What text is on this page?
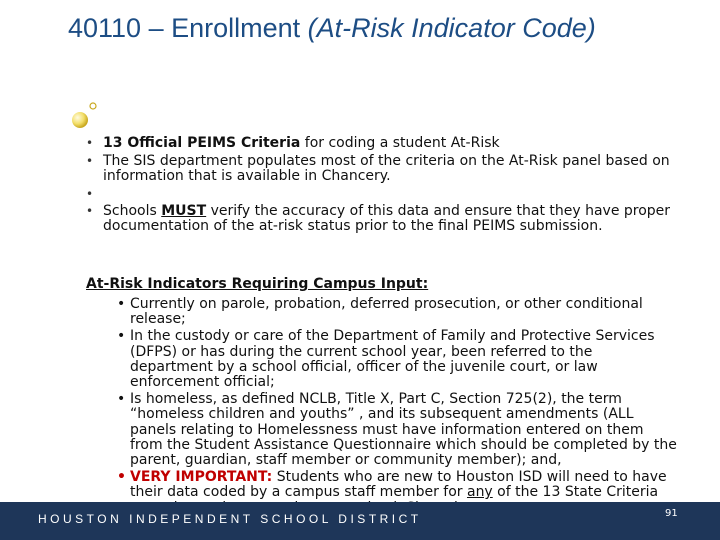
40110 – Enrollment (At-Risk Indicator Code)
• 13 Official PEIMS Criteria for coding a student At-Risk
• The SIS department populates most of the criteria on the At-Risk panel based on information that is available in Chancery.
•
• Schools MUST verify the accuracy of this data and ensure that they have proper documentation of the at-risk status prior to the final PEIMS submission.
At-Risk Indicators Requiring Campus Input:
• Currently on parole, probation, deferred prosecution, or other conditional release;
• In the custody or care of the Department of Family and Protective Services (DFPS) or has during the current school year, been referred to the department by a school official, officer of the juvenile court, or law enforcement official;
• Is homeless, as defined NCLB, Title X, Part C, Section 725(2), the term “homeless children and youths” , and its subsequent amendments (ALL panels relating to Homelessness must have information entered on them from the Student Assistance Questionnaire which should be completed by the parent, guardian, staff member or community member); and,
• VERY IMPORTANT: Students who are new to Houston ISD will need to have their data coded by a campus staff member for any of the 13 State Criteria
HOUSTON INDEPENDENT SCHOOL DISTRICT	91
